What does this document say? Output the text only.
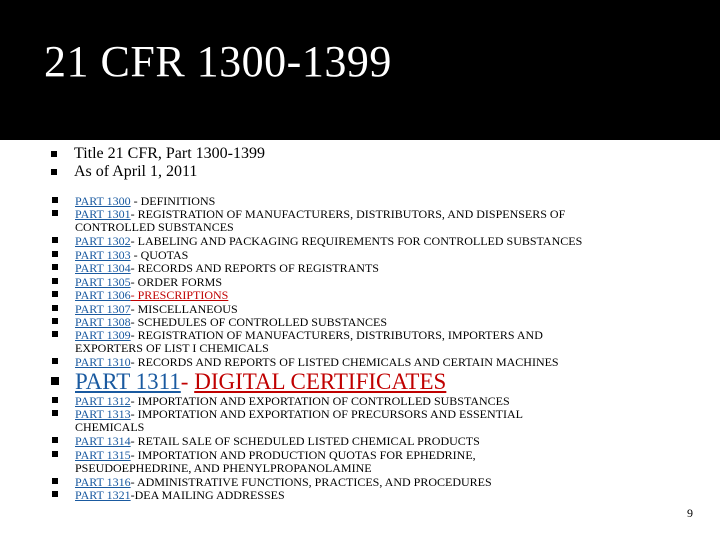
21 CFR 1300-1399
Title 21 CFR, Part 1300-1399
As of April 1, 2011
PART 1300 - DEFINITIONS
PART 1301- REGISTRATION OF MANUFACTURERS, DISTRIBUTORS, AND DISPENSERS OF
CONTROLLED SUBSTANCES
PART 1302- LABELING AND PACKAGING REQUIREMENTS FOR CONTROLLED SUBSTANCES
PART 1303 - QUOTAS
PART 1304- RECORDS AND REPORTS OF REGISTRANTS
PART 1305- ORDER FORMS
PART 1306- PRESCRIPTIONS
PART 1307- MISCELLANEOUS
PART 1308- SCHEDULES OF CONTROLLED SUBSTANCES
PART 1309- REGISTRATION OF MANUFACTURERS, DISTRIBUTORS, IMPORTERS AND
EXPORTERS OF LIST I CHEMICALS
PART 1310- RECORDS AND REPORTS OF LISTED CHEMICALS AND CERTAIN MACHINES
PART 1311- DIGITAL CERTIFICATES
PART 1312- IMPORTATION AND EXPORTATION OF CONTROLLED SUBSTANCES
PART 1313- IMPORTATION AND EXPORTATION OF PRECURSORS AND ESSENTIAL
CHEMICALS
PART 1314- RETAIL SALE OF SCHEDULED LISTED CHEMICAL PRODUCTS
PART 1315- IMPORTATION AND PRODUCTION QUOTAS FOR EPHEDRINE,
PSEUDOEPHEDRINE, AND PHENYLPROPANOLAMINE
PART 1316- ADMINISTRATIVE FUNCTIONS, PRACTICES, AND PROCEDURES
PART 1321-DEA MAILING ADDRESSES
9
